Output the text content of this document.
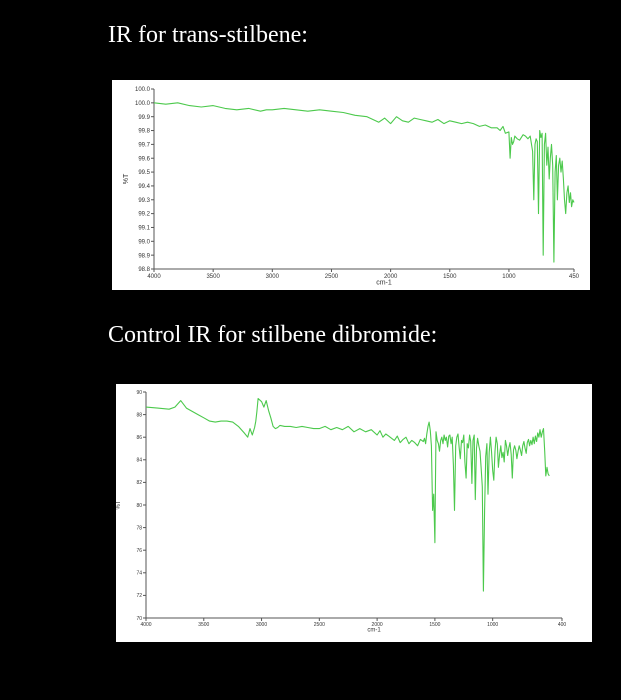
IR for trans-stilbene:
4000	3500	3000	2500	2000	1500	1000	450
100.0
100.0
99.9
99.8
99.7
99.6
99.5
99.4
99.3
99.2
99.1
99.0
98.9
98.8
cm-1
%T
Control IR for stilbene dibromide:
4000	3500	3000	2500	2000	1500	1000	400
90
88
86
84
82
80
78
76
74
72
70
cm-1
%T
